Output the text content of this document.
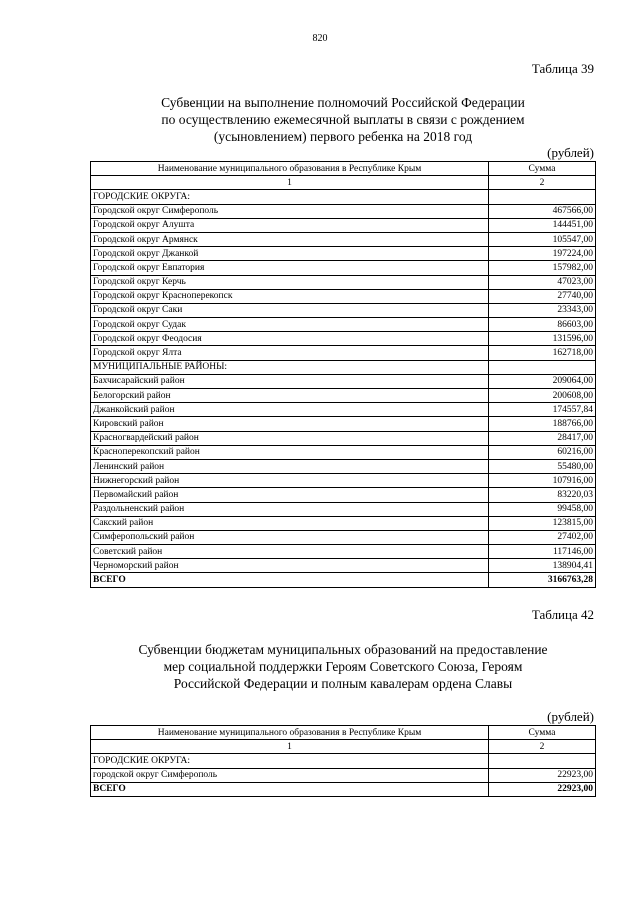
820
Таблица 39
Субвенции на выполнение полномочий Российской Федерации
по осуществлению ежемесячной выплаты в связи с рождением
(усыновлением) первого ребенка на 2018 год
(рублей)
Наименование муниципального образования в Республике Крым	Сумма
1	2
ГОРОДСКИЕ ОКРУГА:	
Городской округ Симферополь	467566,00
Городской округ Алушта	144451,00
Городской округ Армянск	105547,00
Городской округ Джанкой	197224,00
Городской округ Евпатория	157982,00
Городской округ Керчь	47023,00
Городской округ Красноперекопск	27740,00
Городской округ Саки	23343,00
Городской округ Судак	86603,00
Городской округ Феодосия	131596,00
Городской округ Ялта	162718,00
МУНИЦИПАЛЬНЫЕ РАЙОНЫ:	
Бахчисарайский район	209064,00
Белогорский район	200608,00
Джанкойский район	174557,84
Кировский район	188766,00
Красногвардейский район	28417,00
Красноперекопский район	60216,00
Ленинский район	55480,00
Нижнегорский район	107916,00
Первомайский район	83220,03
Раздольненский район	99458,00
Сакский район	123815,00
Симферопольский район	27402,00
Советский район	117146,00
Черноморский район	138904,41
ВСЕГО	3166763,28
Таблица 42
Субвенции бюджетам муниципальных образований на предоставление
мер социальной поддержки Героям Советского Союза, Героям
Российской Федерации и полным кавалерам ордена Славы
(рублей)
Наименование муниципального образования в Республике Крым	Сумма
1	2
ГОРОДСКИЕ ОКРУГА:	
городской округ Симферополь	22923,00
ВСЕГО	22923,00
